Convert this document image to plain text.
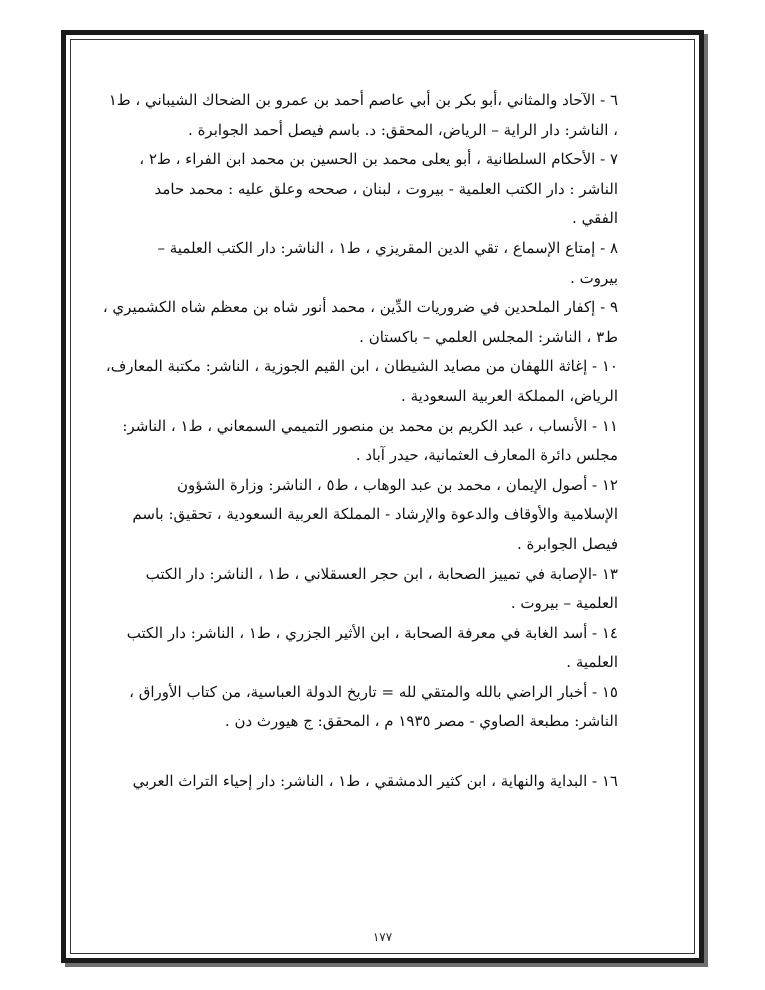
٦ - الآحاد والمثاني ،أبو بكر بن أبي عاصم أحمد بن عمرو بن الضحاك الشيباني ، ط١
، الناشر: دار الراية – الرياض، المحقق: د. باسم فيصل أحمد الجوابرة .
٧ - الأحكام السلطانية ، أبو يعلى محمد بن الحسين بن محمد ابن الفراء ، ط٢ ،
الناشر : دار الكتب العلمية - بيروت ، لبنان ، صححه وعلق عليه : محمد حامد
الفقي .
٨ - إمتاع الإسماع ، تقي الدين المقريزي ، ط١ ، الناشر: دار الكتب العلمية –
بيروت .
٩ - إكفار الملحدين في ضروريات الدِّين ، محمد أنور شاه بن معظم شاه الكشميري ،
ط٣ ، الناشر: المجلس العلمي – باكستان .
١٠ - إغاثة اللهفان من مصايد الشيطان ، ابن القيم الجوزية ، الناشر: مكتبة المعارف،
الرياض، المملكة العربية السعودية .
١١ - الأنساب ، عبد الكريم بن محمد بن منصور التميمي السمعاني ، ط١ ، الناشر:
مجلس دائرة المعارف العثمانية، حيدر آباد .
١٢ - أصول الإيمان ، محمد بن عبد الوهاب ، ط٥ ، الناشر: وزارة الشؤون
الإسلامية والأوقاف والدعوة والإرشاد - المملكة العربية السعودية ، تحقيق: باسم
فيصل الجوابرة .
١٣ -الإصابة في تمييز الصحابة ، ابن حجر العسقلاني ، ط١ ، الناشر: دار الكتب
العلمية – بيروت .
١٤ - أسد الغابة في معرفة الصحابة ، ابن الأثير الجزري ، ط١ ، الناشر: دار الكتب
العلمية .
١٥ - أخبار الراضي بالله والمتقي لله = تاريخ الدولة العباسية، من كتاب الأوراق ،
الناشر: مطبعة الصاوي - مصر ١٩٣٥ م ، المحقق: ج هيورث دن .
١٦ - البداية والنهاية ، ابن كثير الدمشقي ، ط١ ، الناشر: دار إحياء التراث العربي
١٧٧
